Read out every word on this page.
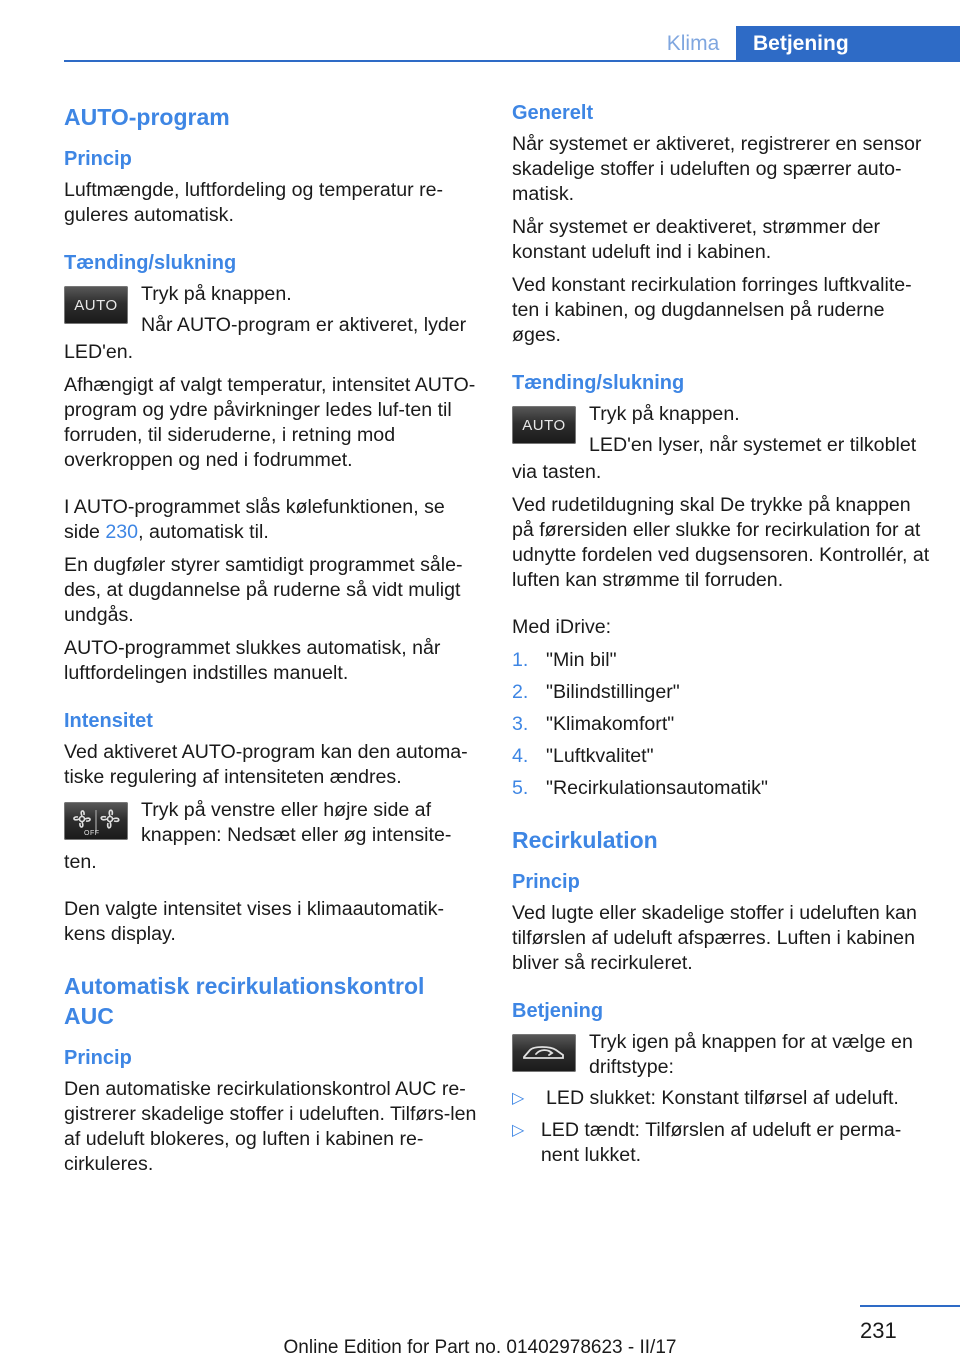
Klima	Betjening
AUTO-program
Princip

Luftmængde, luftfordeling og temperatur re‐guleres automatisk.

Tænding/slukning
AUTO	Tryk på knappen.

Når AUTO-program er aktiveret, lyder

LED'en.

Afhængigt af valgt temperatur, intensitet AUTO-program og ydre påvirkninger ledes luf‐ten til forruden, til sideruderne, i retning mod overkroppen og ned i fodrummet.

I AUTO-programmet slås kølefunktionen, se side 230, automatisk til.

En dugføler styrer samtidigt programmet såle‐des, at dugdannelse på ruderne så vidt muligt undgås.

AUTO-programmet slukkes automatisk, når luftfordelingen indstilles manuelt.

Intensitet

Ved aktiveret AUTO-program kan den automa‐tiske regulering af intensiteten ændres.

OFF

Tryk på venstre eller højre side af knappen: Nedsæt eller øg intensite‐

ten.

Den valgte intensitet vises i klimaautomatik‐kens display.

Automatisk recirkulationskontrol AUC
Princip

Den automatiske recirkulationskontrol AUC re‐gistrerer skadelige stoffer i udeluften. Tilførs‐len af udeluft blokeres, og luften i kabinen re‐cirkuleres.

Generelt

Når systemet er aktiveret, registrerer en sensor skadelige stoffer i udeluften og spærrer auto‐matisk.

Når systemet er deaktiveret, strømmer der konstant udeluft ind i kabinen.

Ved konstant recirkulation forringes luftkvalite‐ten i kabinen, og dugdannelsen på ruderne øges.

Tænding/slukning
AUTO	Tryk på knappen.

LED'en lyser, når systemet er tilkoblet

via tasten.

Ved rudetildugning skal De trykke på knappen på førersiden eller slukke for recirkulation for at udnytte fordelen ved dugsensoren. Kontrollér, at luften kan strømme til forruden.

Med iDrive:

1. "Min bil"
2. "Bilindstillinger"
3. "Klimakomfort"
4. "Luftkvalitet"
5. "Recirkulationsautomatik"
Recirkulation
Princip

Ved lugte eller skadelige stoffer i udeluften kan tilførslen af udeluft afspærres. Luften i kabinen bliver så recirkuleret.

Betjening

Tryk igen på knappen for at vælge en driftstype:

▷	LED slukket: Konstant tilførsel af udeluft.
▷ LED tændt: Tilførslen af udeluft er perma‐nent lukket.
231
Online Edition for Part no. 01402978623 - II/17
